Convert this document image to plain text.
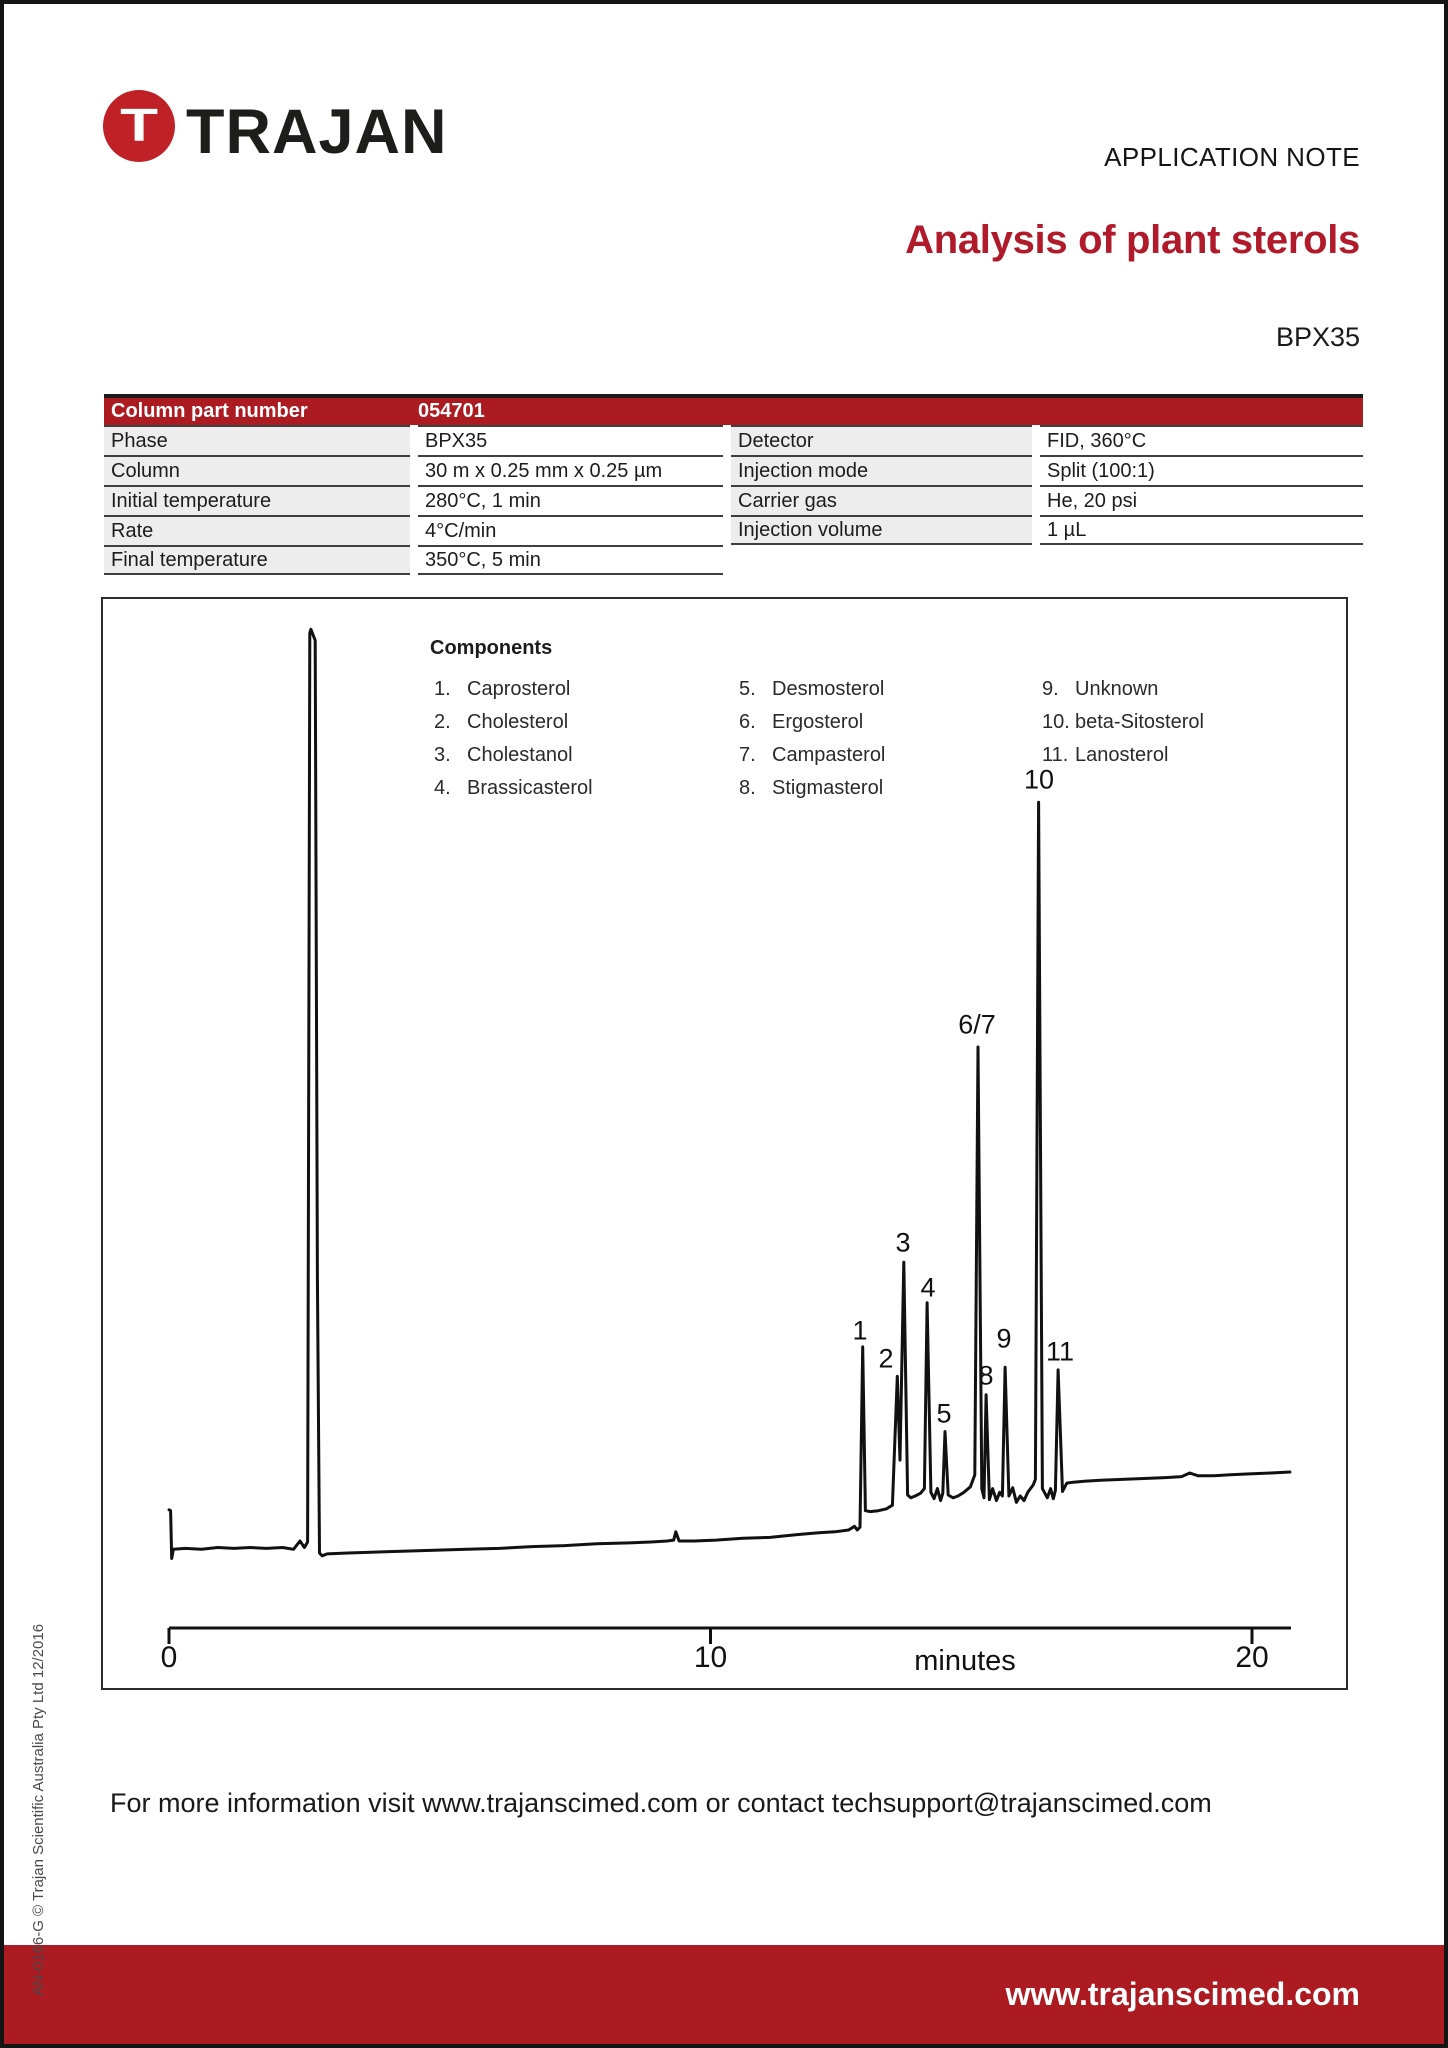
T TRAJAN	APPLICATION NOTE
Analysis of plant sterols
BPX35
Column part number	054701
Phase	BPX35	Detector	FID, 360°C
Column	30 m x 0.25 mm x 0.25 µm	Injection mode	Split (100:1)
Initial temperature	280°C, 1 min	Carrier gas	He, 20 psi
Rate	4°C/min	Injection volume	1 µL
Final temperature	350°C, 5 min
Components
1. Caprosterol
2. Cholesterol
3. Cholestanol
4. Brassicasterol
5. Desmosterol
6. Ergosterol
7. Campasterol
8. Stigmasterol
9. Unknown
10. beta-Sitosterol
11. Lanosterol
1
2
3
4
5
6/7
8
9
10
11
0	10	20
minutes
For more information visit www.trajanscimed.com or contact techsupport@trajanscimed.com
www.trajanscimed.com
AN-0166-G © Trajan Scientific Australia Pty Ltd 12/2016
